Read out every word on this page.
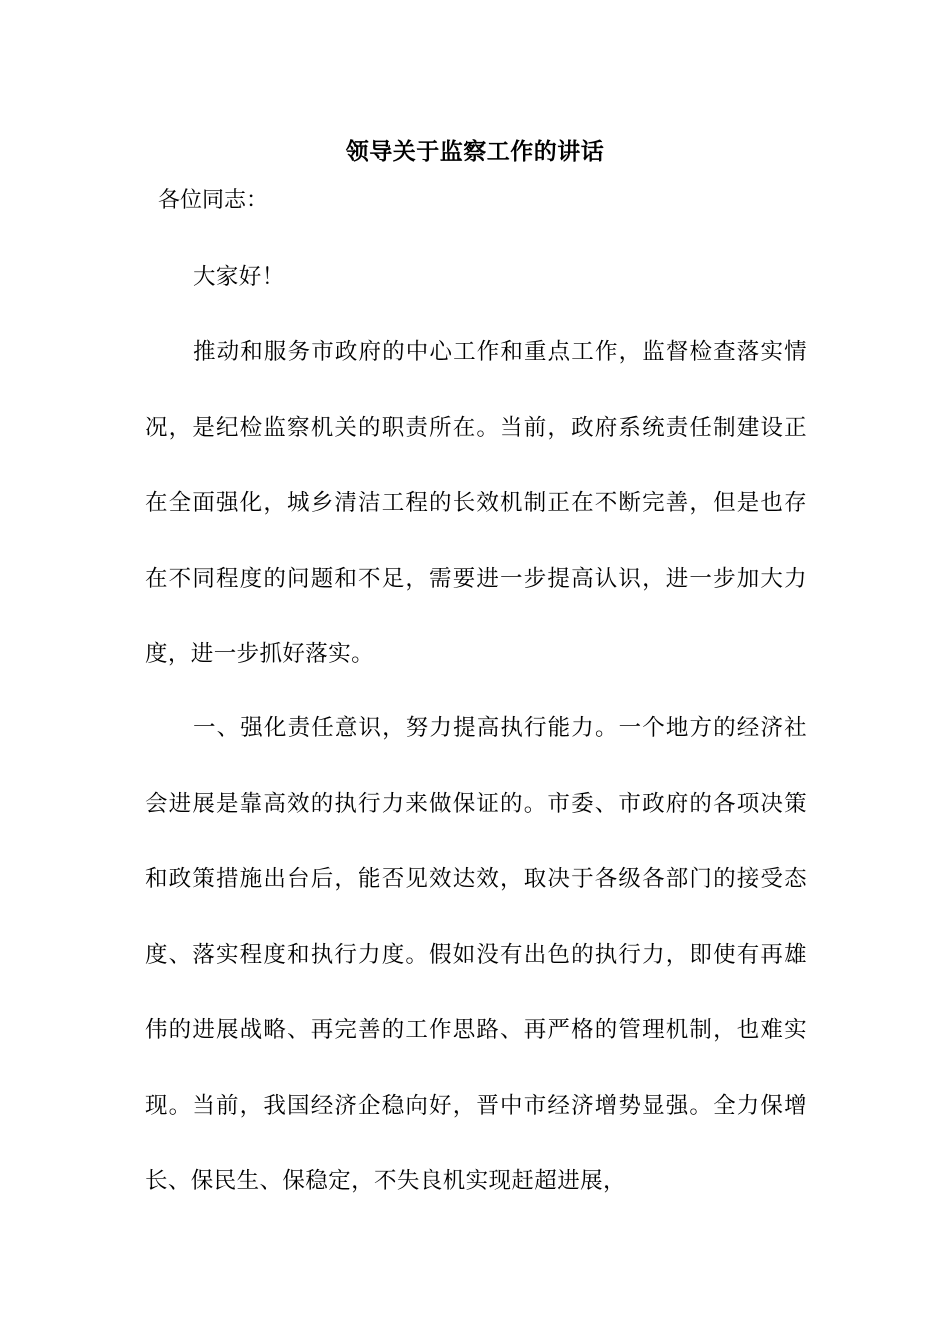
领导关于监察工作的讲话
各位同志：

大家好！

推动和服务市政府的中心工作和重点工作，监督检查落实情况，是纪检监察机关的职责所在。当前，政府系统责任制建设正在全面强化，城乡清洁工程的长效机制正在不断完善，但是也存在不同程度的问题和不足，需要进一步提高认识，进一步加大力度，进一步抓好落实。

一、强化责任意识，努力提高执行能力。一个地方的经济社会进展是靠高效的执行力来做保证的。市委、市政府的各项决策和政策措施出台后，能否见效达效，取决于各级各部门的接受态度、落实程度和执行力度。假如没有出色的执行力，即使有再雄伟的进展战略、再完善的工作思路、再严格的管理机制，也难实现。当前，我国经济企稳向好，晋中市经济增势显强。全力保增长、保民生、保稳定，不失良机实现赶超进展，
